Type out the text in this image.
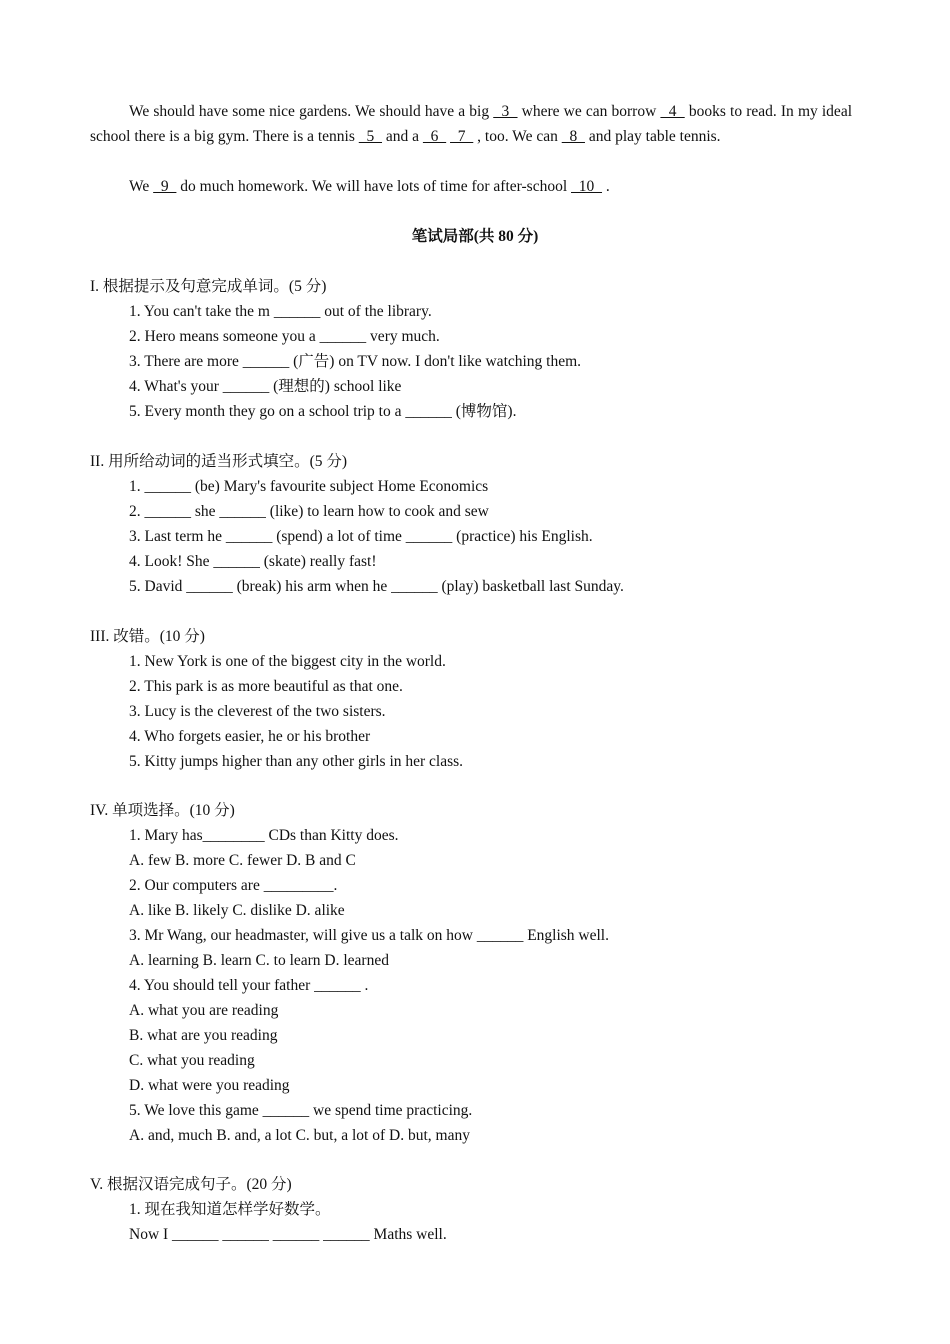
We should have some nice gardens. We should have a big   3   where we can borrow   4   books to read. In my ideal school there is a big gym. There is a tennis   5   and a   6     7   , too. We can   8   and play table tennis.
We   9   do much homework. We will have lots of time for after-school   10   .
笔试局部(共 80 分)
I. 根据提示及句意完成单词。(5 分)
1. You can't take the m ______ out of the library.
2. Hero means someone you a ______ very much.
3. There are more ______ (广告) on TV now. I don't like watching them.
4. What's your ______ (理想的) school like
5. Every month they go on a school trip to a ______ (博物馆).
II. 用所给动词的适当形式填空。(5 分)
1. ______ (be) Mary's favourite subject Home Economics
2. ______ she ______ (like) to learn how to cook and sew
3. Last term he ______ (spend) a lot of time ______ (practice) his English.
4. Look! She ______ (skate) really fast!
5. David ______ (break) his arm when he ______ (play) basketball last Sunday.
III. 改错。(10 分)
1. New York is one of the biggest city in the world.
2. This park is as more beautiful as that one.
3. Lucy is the cleverest of the two sisters.
4. Who forgets easier, he or his brother
5. Kitty jumps higher than any other girls in her class.
IV. 单项选择。(10 分)
1. Mary has________ CDs than Kitty does.
A. few B. more C. fewer D. B and C
2. Our computers are _________.
A. like B. likely C. dislike D. alike
3. Mr Wang, our headmaster, will give us a talk on how ______ English well.
A. learning B. learn C. to learn D. learned
4. You should tell your father ______ .
A. what you are reading
B. what are you reading
C. what you reading
D. what were you reading
5. We love this game ______ we spend time practicing.
A. and, much B. and, a lot C. but, a lot of D. but, many
V. 根据汉语完成句子。(20 分)
1. 现在我知道怎样学好数学。
Now I ______ ______ ______ ______ Maths well.
